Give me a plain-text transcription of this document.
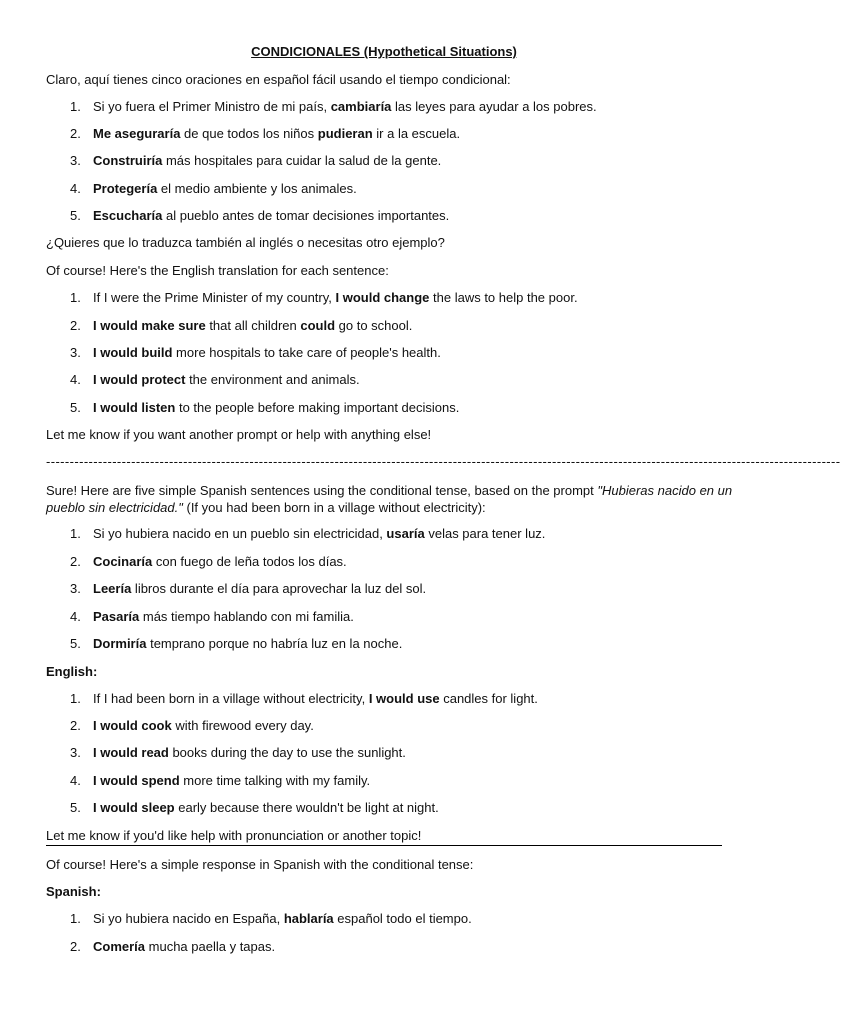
CONDICIONALES (Hypothetical Situations)
Claro, aquí tienes cinco oraciones en español fácil usando el tiempo condicional:
1. Si yo fuera el Primer Ministro de mi país, cambiaría las leyes para ayudar a los pobres.
2. Me aseguraría de que todos los niños pudieran ir a la escuela.
3. Construiría más hospitales para cuidar la salud de la gente.
4. Protegería el medio ambiente y los animales.
5. Escucharía al pueblo antes de tomar decisiones importantes.
¿Quieres que lo traduzca también al inglés o necesitas otro ejemplo?
Of course! Here's the English translation for each sentence:
1. If I were the Prime Minister of my country, I would change the laws to help the poor.
2. I would make sure that all children could go to school.
3. I would build more hospitals to take care of people's health.
4. I would protect the environment and animals.
5. I would listen to the people before making important decisions.
Let me know if you want another prompt or help with anything else!
------------------------------------------------------------------------------------------------------------------------------------------------------------------------
Sure! Here are five simple Spanish sentences using the conditional tense, based on the prompt "Hubieras nacido en un pueblo sin electricidad." (If you had been born in a village without electricity):
1. Si yo hubiera nacido en un pueblo sin electricidad, usaría velas para tener luz.
2. Cocinaría con fuego de leña todos los días.
3. Leería libros durante el día para aprovechar la luz del sol.
4. Pasaría más tiempo hablando con mi familia.
5. Dormiría temprano porque no habría luz en la noche.
English:
1. If I had been born in a village without electricity, I would use candles for light.
2. I would cook with firewood every day.
3. I would read books during the day to use the sunlight.
4. I would spend more time talking with my family.
5. I would sleep early because there wouldn't be light at night.
Let me know if you'd like help with pronunciation or another topic!
Of course! Here's a simple response in Spanish with the conditional tense:
Spanish:
1. Si yo hubiera nacido en España, hablaría español todo el tiempo.
2. Comería mucha paella y tapas.
